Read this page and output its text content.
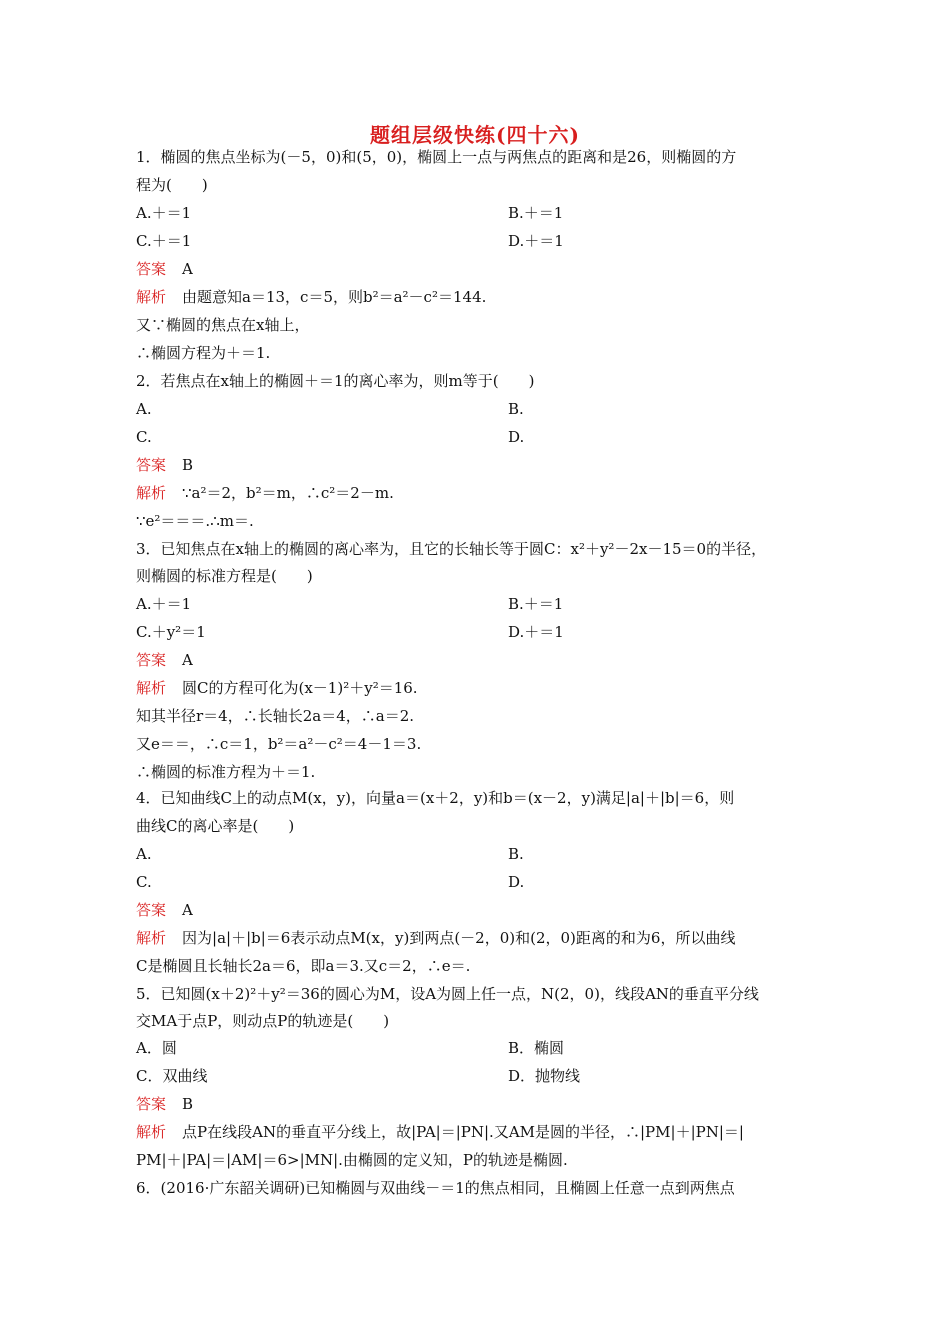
题组层级快练(四十六)
1．椭圆的焦点坐标为(－5，0)和(5，0)，椭圆上一点与两焦点的距离和是26，则椭圆的方
程为(　　)
A.＋＝1	B.＋＝1
C.＋＝1	D.＋＝1
答案 A
解析 由题意知a＝13，c＝5，则b²＝a²－c²＝144.
又∵椭圆的焦点在x轴上，
∴椭圆方程为＋＝1.
2．若焦点在x轴上的椭圆＋＝1的离心率为，则m等于(　　)
A.	B.
C.	D.
答案 B
解析 ∵a²＝2，b²＝m，∴c²＝2－m.
∵e²＝＝＝.∴m＝.
3．已知焦点在x轴上的椭圆的离心率为，且它的长轴长等于圆C：x²＋y²－2x－15＝0的半径，
则椭圆的标准方程是(　　)
A.＋＝1	B.＋＝1
C.＋y²＝1	D.＋＝1
答案 A
解析 圆C的方程可化为(x－1)²＋y²＝16.
知其半径r＝4，∴长轴长2a＝4，∴a＝2.
又e＝＝，∴c＝1，b²＝a²－c²＝4－1＝3.
∴椭圆的标准方程为＋＝1.
4．已知曲线C上的动点M(x，y)，向量a＝(x＋2，y)和b＝(x－2，y)满足|a|＋|b|＝6，则
曲线C的离心率是(　　)
A.	B.
C.	D.
答案 A
解析 因为|a|＋|b|＝6表示动点M(x，y)到两点(－2，0)和(2，0)距离的和为6，所以曲线
C是椭圆且长轴长2a＝6，即a＝3.又c＝2，∴e＝.
5．已知圆(x＋2)²＋y²＝36的圆心为M，设A为圆上任一点，N(2，0)，线段AN的垂直平分线
交MA于点P，则动点P的轨迹是(　　)
A．圆	B．椭圆
C．双曲线	D．抛物线
答案 B
解析 点P在线段AN的垂直平分线上，故|PA|＝|PN|.又AM是圆的半径，∴|PM|＋|PN|＝|
PM|＋|PA|＝|AM|＝6>|MN|.由椭圆的定义知，P的轨迹是椭圆.
6．(2016·广东韶关调研)已知椭圆与双曲线－＝1的焦点相同，且椭圆上任意一点到两焦点
